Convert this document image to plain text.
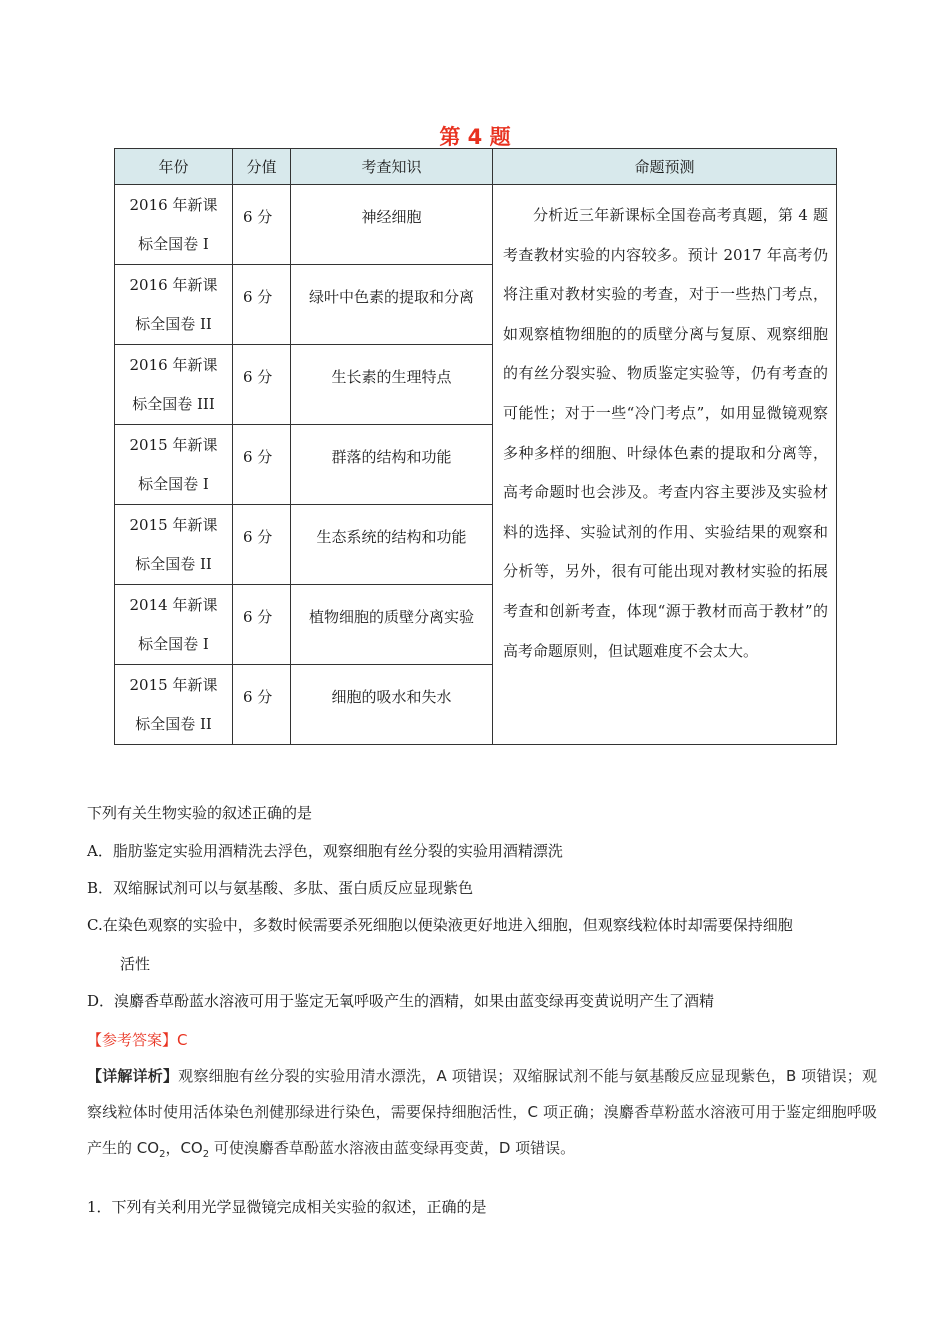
第 4 题
年份	分值	考查知识	命题预测
2016 年新课
标全国卷 I	6 分	神经细胞	分析近三年新课标全国卷高考真题，第 4 题考查教材实验的内容较多。预计 2017 年高考仍将注重对教材实验的考查，对于一些热门考点，如观察植物细胞的的质壁分离与复原、观察细胞的有丝分裂实验、物质鉴定实验等，仍有考查的可能性；对于一些“冷门考点”，如用显微镜观察多种多样的细胞、叶绿体色素的提取和分离等，高考命题时也会涉及。考查内容主要涉及实验材料的选择、实验试剂的作用、实验结果的观察和分析等，另外，很有可能出现对教材实验的拓展考查和创新考查，体现“源于教材而高于教材”的高考命题原则，但试题难度不会太大。
2016 年新课
标全国卷 II	6 分	绿叶中色素的提取和分离	
2016 年新课
标全国卷 III	6 分	生长素的生理特点	
2015 年新课
标全国卷 I	6 分	群落的结构和功能	
2015 年新课
标全国卷 II	6 分	生态系统的结构和功能	
2014 年新课
标全国卷 I	6 分	植物细胞的质壁分离实验	
2015 年新课
标全国卷 II	6 分	细胞的吸水和失水	
下列有关生物实验的叙述正确的是
A．脂肪鉴定实验用酒精洗去浮色，观察细胞有丝分裂的实验用酒精漂洗
B．双缩脲试剂可以与氨基酸、多肽、蛋白质反应显现紫色
C.在染色观察的实验中，多数时候需要杀死细胞以便染液更好地进入细胞，但观察线粒体时却需要保持细胞
活性
D．溴麝香草酚蓝水溶液可用于鉴定无氧呼吸产生的酒精，如果由蓝变绿再变黄说明产生了酒精
【参考答案】C
【详解详析】观察细胞有丝分裂的实验用清水漂洗，A 项错误；双缩脲试剂不能与氨基酸反应显现紫色，B 项错误；观察线粒体时使用活体染色剂健那绿进行染色，需要保持细胞活性，C 项正确；溴麝香草粉蓝水溶液可用于鉴定细胞呼吸产生的 $CO_2$，$CO_2$ 可使溴麝香草酚蓝水溶液由蓝变绿再变黄，D 项错误。
1．下列有关利用光学显微镜完成相关实验的叙述，正确的是
